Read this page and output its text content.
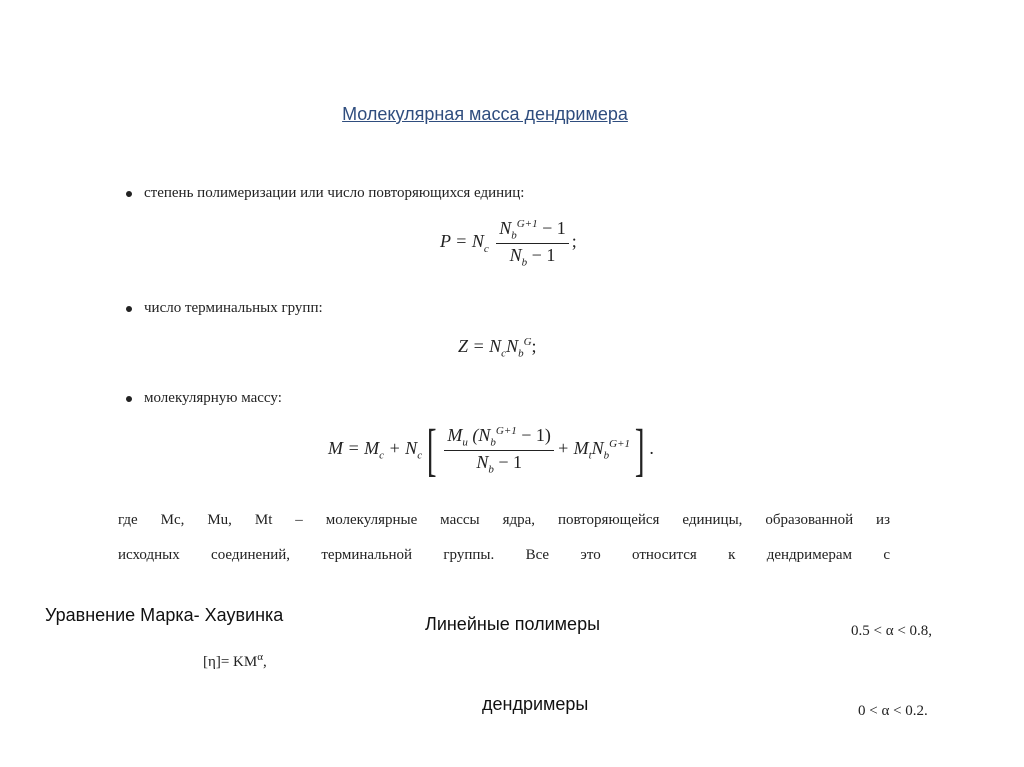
Молекулярная масса дендримера
степень полимеризации или число повторяющихся единиц:
$P = N_c \frac{N_b^{G+1} - 1}{N_b - 1}$ ;
число терминальных групп:
$Z = N_cN_b^G$;
молекулярную массу:
$M = M_c + N_c[ \frac{M_u (N_b^{G+1} - 1)}{N_b - 1} + M_tN_b^{G+1}]$ .
где Mc, Mu, Mt – молекулярные массы ядра, повторяющейся единицы, образованной из
исходных соединений, терминальной группы. Все это относится к дендримерам с
Уравнение Марка- Хаувинка
$[\eta]= KM^\alpha$,
Линейные полимеры	0.5 < α < 0.8,
дендримеры	0 < α < 0.2.
